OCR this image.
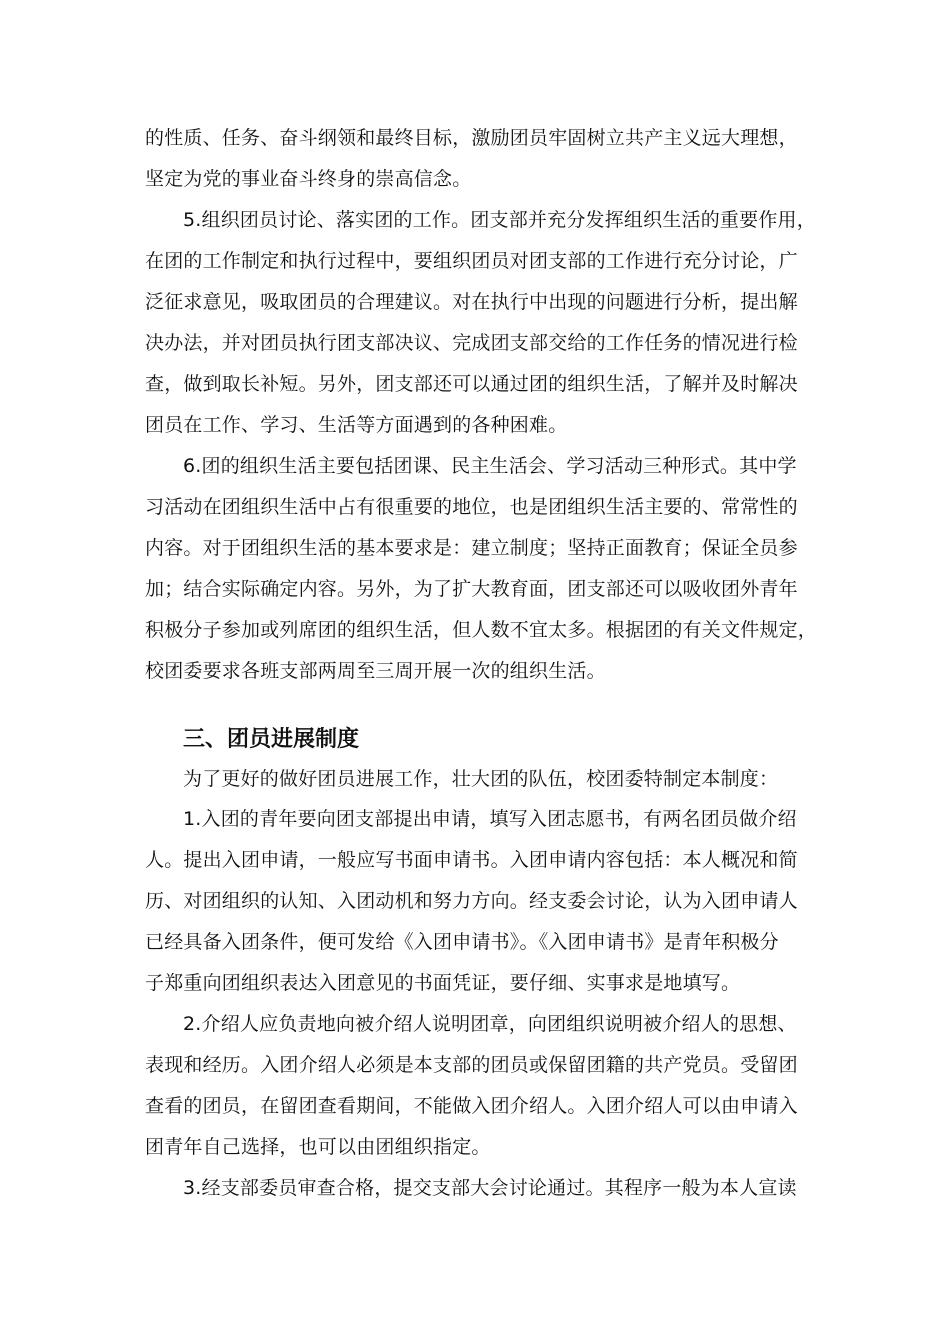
的性质、任务、奋斗纲领和最终目标，激励团员牢固树立共产主义远大理想，
坚定为党的事业奋斗终身的崇高信念。
5.组织团员讨论、落实团的工作。团支部并充分发挥组织生活的重要作用，
在团的工作制定和执行过程中，要组织团员对团支部的工作进行充分讨论，广
泛征求意见，吸取团员的合理建议。对在执行中出现的问题进行分析，提出解
决办法，并对团员执行团支部决议、完成团支部交给的工作任务的情况进行检
查，做到取长补短。另外，团支部还可以通过团的组织生活，了解并及时解决
团员在工作、学习、生活等方面遇到的各种困难。
6.团的组织生活主要包括团课、民主生活会、学习活动三种形式。其中学
习活动在团组织生活中占有很重要的地位，也是团组织生活主要的、常常性的
内容。对于团组织生活的基本要求是：建立制度；坚持正面教育；保证全员参
加；结合实际确定内容。另外，为了扩大教育面，团支部还可以吸收团外青年
积极分子参加或列席团的组织生活，但人数不宜太多。根据团的有关文件规定，
校团委要求各班支部两周至三周开展一次的组织生活。
三、团员进展制度
为了更好的做好团员进展工作，壮大团的队伍，校团委特制定本制度：
1.入团的青年要向团支部提出申请，填写入团志愿书，有两名团员做介绍
人。提出入团申请，一般应写书面申请书。入团申请内容包括：本人概况和简
历、对团组织的认知、入团动机和努力方向。经支委会讨论，认为入团申请人
已经具备入团条件，便可发给《入团申请书》。《入团申请书》是青年积极分
子郑重向团组织表达入团意见的书面凭证，要仔细、实事求是地填写。
2.介绍人应负责地向被介绍人说明团章，向团组织说明被介绍人的思想、
表现和经历。入团介绍人必须是本支部的团员或保留团籍的共产党员。受留团
查看的团员，在留团查看期间，不能做入团介绍人。入团介绍人可以由申请入
团青年自己选择，也可以由团组织指定。
3.经支部委员审查合格，提交支部大会讨论通过。其程序一般为本人宣读
